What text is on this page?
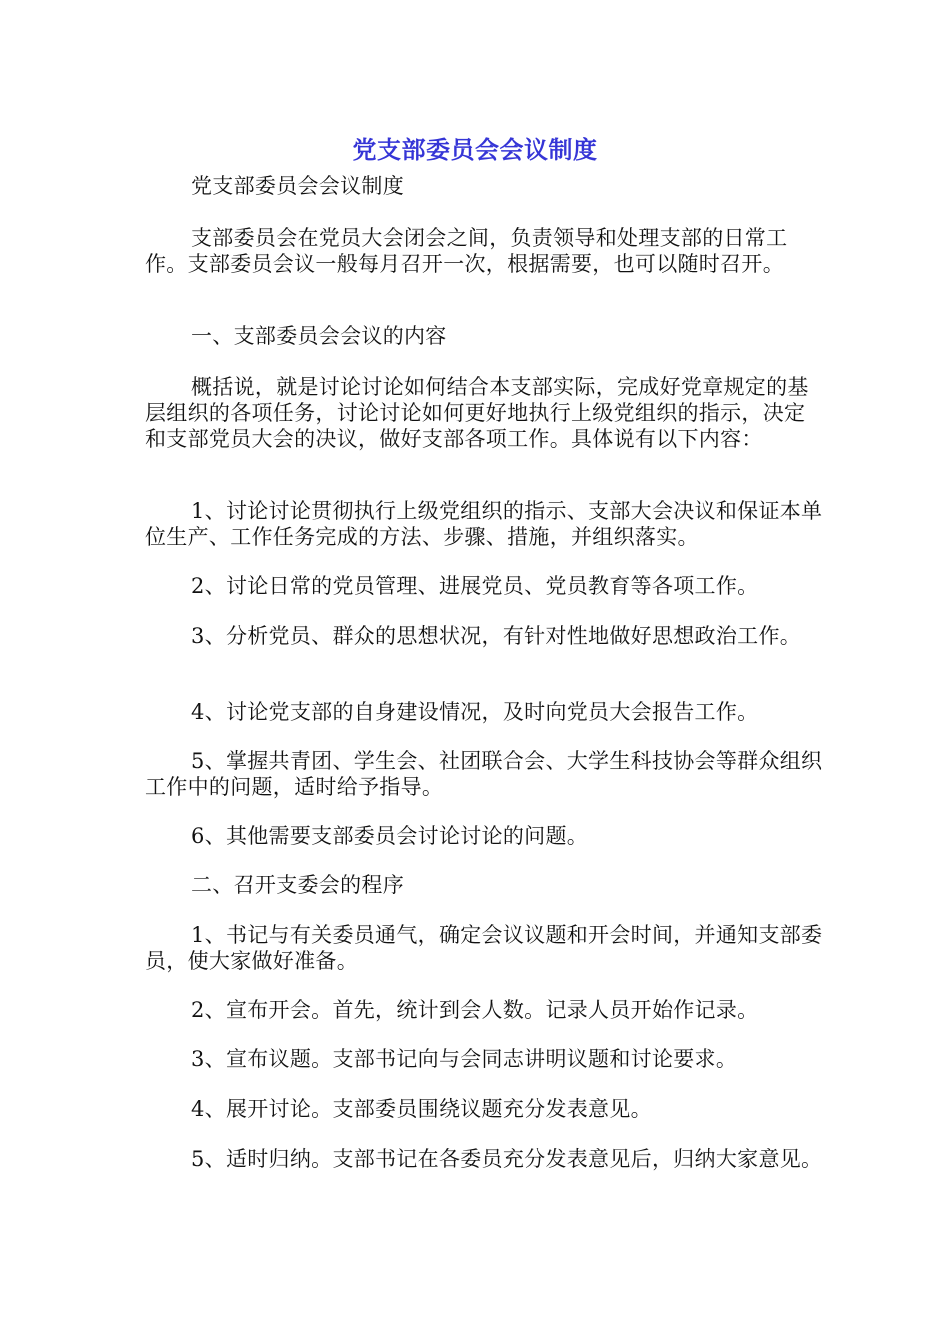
党支部委员会会议制度

党支部委员会会议制度

支部委员会在党员大会闭会之间，负责领导和处理支部的日常工作。支部委员会议一般每月召开一次，根据需要，也可以随时召开。

一、支部委员会会议的内容

概括说，就是讨论讨论如何结合本支部实际，完成好党章规定的基层组织的各项任务，讨论讨论如何更好地执行上级党组织的指示，决定和支部党员大会的决议，做好支部各项工作。具体说有以下内容：

1、讨论讨论贯彻执行上级党组织的指示、支部大会决议和保证本单位生产、工作任务完成的方法、步骤、措施，并组织落实。

2、讨论日常的党员管理、进展党员、党员教育等各项工作。

3、分析党员、群众的思想状况，有针对性地做好思想政治工作。

4、讨论党支部的自身建设情况，及时向党员大会报告工作。

5、掌握共青团、学生会、社团联合会、大学生科技协会等群众组织工作中的问题，适时给予指导。

6、其他需要支部委员会讨论讨论的问题。

二、召开支委会的程序

1、书记与有关委员通气，确定会议议题和开会时间，并通知支部委员，使大家做好准备。

2、宣布开会。首先，统计到会人数。记录人员开始作记录。

3、宣布议题。支部书记向与会同志讲明议题和讨论要求。

4、展开讨论。支部委员围绕议题充分发表意见。

5、适时归纳。支部书记在各委员充分发表意见后，归纳大家意见。
